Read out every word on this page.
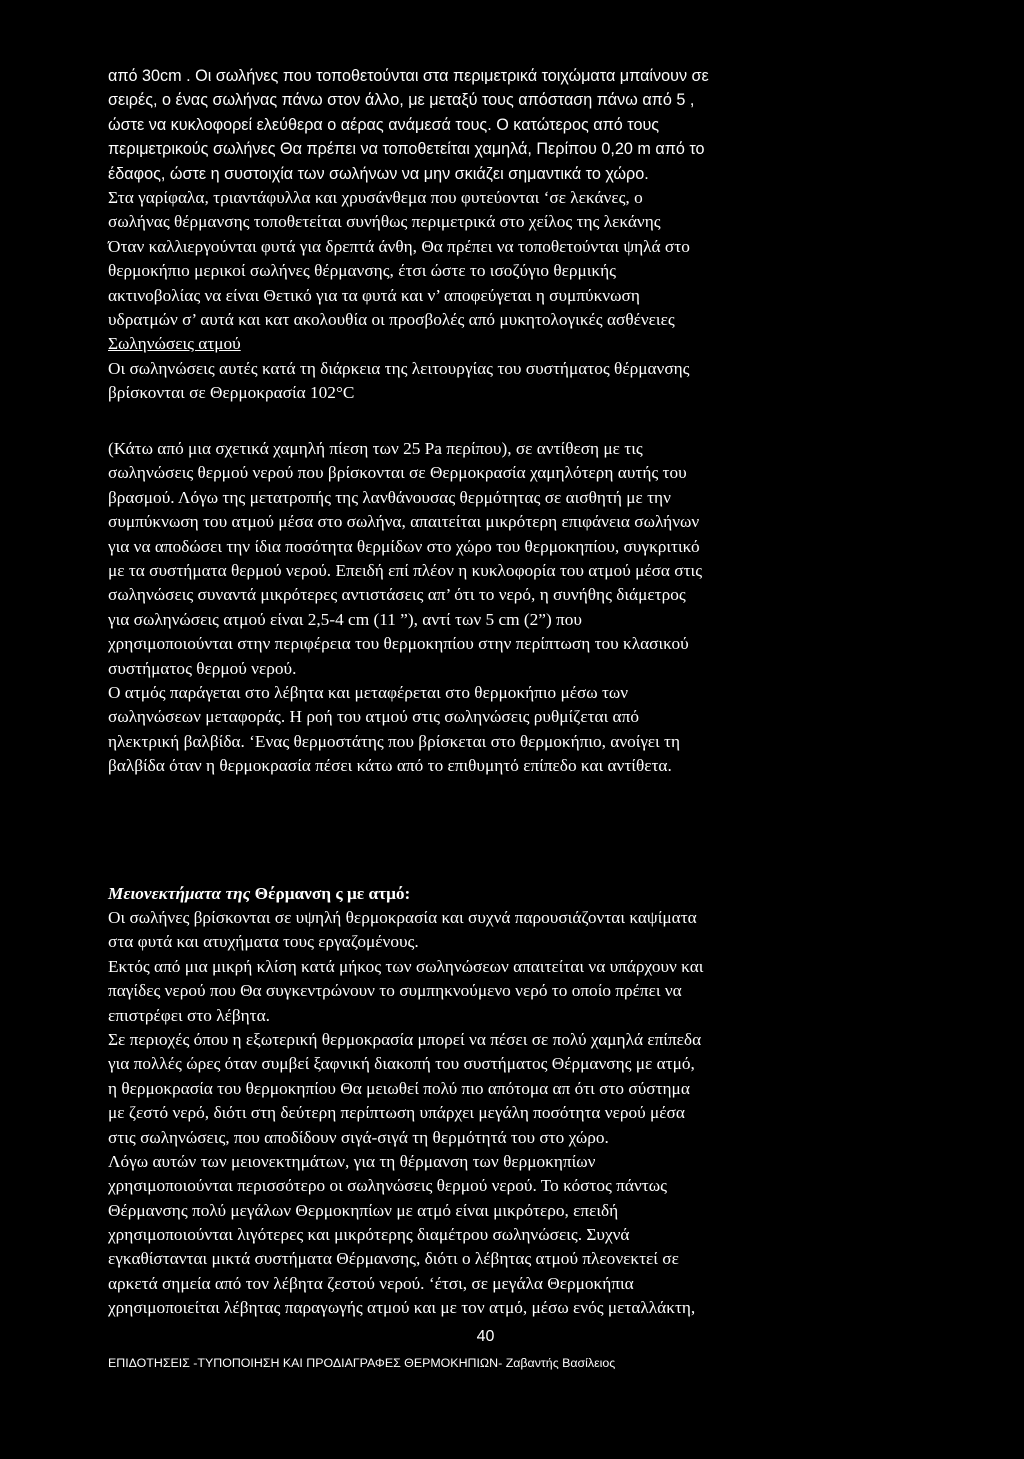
από 30cm . Οι σωλήνες που τοποθετούνται στα περιμετρικά τοιχώματα μπαίνουν σε
σειρές, ο ένας σωλήνας πάνω στον άλλο, με μεταξύ τους απόσταση πάνω από 5 ,
ώστε να κυκλοφορεί ελεύθερα ο αέρας ανάμεσά τους. Ο κατώτερος από τους
περιμετρικούς σωλήνες Θα πρέπει να τοποθετείται χαμηλά, Περίπου 0,20 m από το
έδαφος, ώστε η συστοιχία των σωλήνων να μην σκιάζει σημαντικά το χώρο.
Στα γαρίφαλα, τριαντάφυλλα και χρυσάνθεμα που φυτεύονται ‘σε λεκάνες, ο
σωλήνας θέρμανσης τοποθετείται συνήθως περιμετρικά στο χείλος της λεκάνης
Όταν καλλιεργούνται φυτά για δρεπτά άνθη, Θα πρέπει να τοποθετούνται ψηλά στο
θερμοκήπιο μερικοί σωλήνες θέρμανσης, έτσι ώστε το ισοζύγιο θερμικής
ακτινοβολίας να είναι Θετικό για τα φυτά και ν’ αποφεύγεται η συμπύκνωση
υδρατμών σ’ αυτά και κατ ακολουθία οι προσβολές από μυκητολογικές ασθένειες
Σωληνώσεις ατμού
Οι σωληνώσεις αυτές κατά τη διάρκεια της λειτουργίας του συστήματος θέρμανσης
βρίσκονται σε Θερμοκρασία 102°C
(Κάτω από μια σχετικά χαμηλή πίεση των 25 Pa περίπου), σε αντίθεση με τις
σωληνώσεις θερμού νερού που βρίσκονται σε Θερμοκρασία χαμηλότερη αυτής του
βρασμού. Λόγω της μετατροπής της λανθάνουσας θερμότητας σε αισθητή με την
συμπύκνωση του ατμού μέσα στο σωλήνα, απαιτείται μικρότερη επιφάνεια σωλήνων
για να αποδώσει την ίδια ποσότητα θερμίδων στο χώρο του θερμοκηπίου, συγκριτικό
με τα συστήματα θερμού νερού. Επειδή επί πλέον η κυκλοφορία του ατμού μέσα στις
σωληνώσεις συναντά μικρότερες αντιστάσεις απ’ ότι το νερό, η συνήθης διάμετρος
για σωληνώσεις ατμού είναι 2,5-4 cm (11 ”), αντί των 5 cm (2”) που
χρησιμοποιούνται στην περιφέρεια του θερμοκηπίου στην περίπτωση του κλασικού
συστήματος θερμού νερού.
Ο ατμός παράγεται στο λέβητα και μεταφέρεται στο θερμοκήπιο μέσω των
σωληνώσεων μεταφοράς. Η ροή του ατμού στις σωληνώσεις ρυθμίζεται από
ηλεκτρική βαλβίδα. ‘Ενας θερμοστάτης που βρίσκεται στο θερμοκήπιο, ανοίγει τη
βαλβίδα όταν η θερμοκρασία πέσει κάτω από το επιθυμητό επίπεδο και αντίθετα.
Μειονεκτήματα της Θέρμανση ς με ατμό:
Οι σωλήνες βρίσκονται σε υψηλή θερμοκρασία και συχνά παρουσιάζονται καψίματα
στα φυτά και ατυχήματα τους εργαζομένους.
Εκτός από μια μικρή κλίση κατά μήκος των σωληνώσεων απαιτείται να υπάρχουν και
παγίδες νερού που Θα συγκεντρώνουν το συμπηκνούμενο νερό το οποίο πρέπει να
επιστρέφει στο λέβητα.
Σε περιοχές όπου η εξωτερική θερμοκρασία μπορεί να πέσει σε πολύ χαμηλά επίπεδα
για πολλές ώρες όταν συμβεί ξαφνική διακοπή του συστήματος Θέρμανσης με ατμό,
η θερμοκρασία του θερμοκηπίου Θα μειωθεί πολύ πιο απότομα απ ότι στο σύστημα
με ζεστό νερό, διότι στη δεύτερη περίπτωση υπάρχει μεγάλη ποσότητα νερού μέσα
στις σωληνώσεις, που αποδίδουν σιγά-σιγά τη θερμότητά του στο χώρο.
Λόγω αυτών των μειονεκτημάτων, για τη θέρμανση των θερμοκηπίων
χρησιμοποιούνται περισσότερο οι σωληνώσεις θερμού νερού. Το κόστος πάντως
Θέρμανσης πολύ μεγάλων Θερμοκηπίων με ατμό είναι μικρότερο, επειδή
χρησιμοποιούνται λιγότερες και μικρότερης διαμέτρου σωληνώσεις. Συχνά
εγκαθίστανται μικτά συστήματα Θέρμανσης, διότι ο λέβητας ατμού πλεονεκτεί σε
αρκετά σημεία από τον λέβητα ζεστού νερού. ‘έτσι, σε μεγάλα Θερμοκήπια
χρησιμοποιείται λέβητας παραγωγής ατμού και με τον ατμό, μέσω ενός μεταλλάκτη,
40
ΕΠΙΔΟΤΗΣΕΙΣ -ΤΥΠΟΠΟΙΗΣΗ ΚΑΙ ΠΡΟΔΙΑΓΡΑΦΕΣ ΘΕΡΜΟΚΗΠΙΩΝ- Ζαβαντής Βασίλειος
